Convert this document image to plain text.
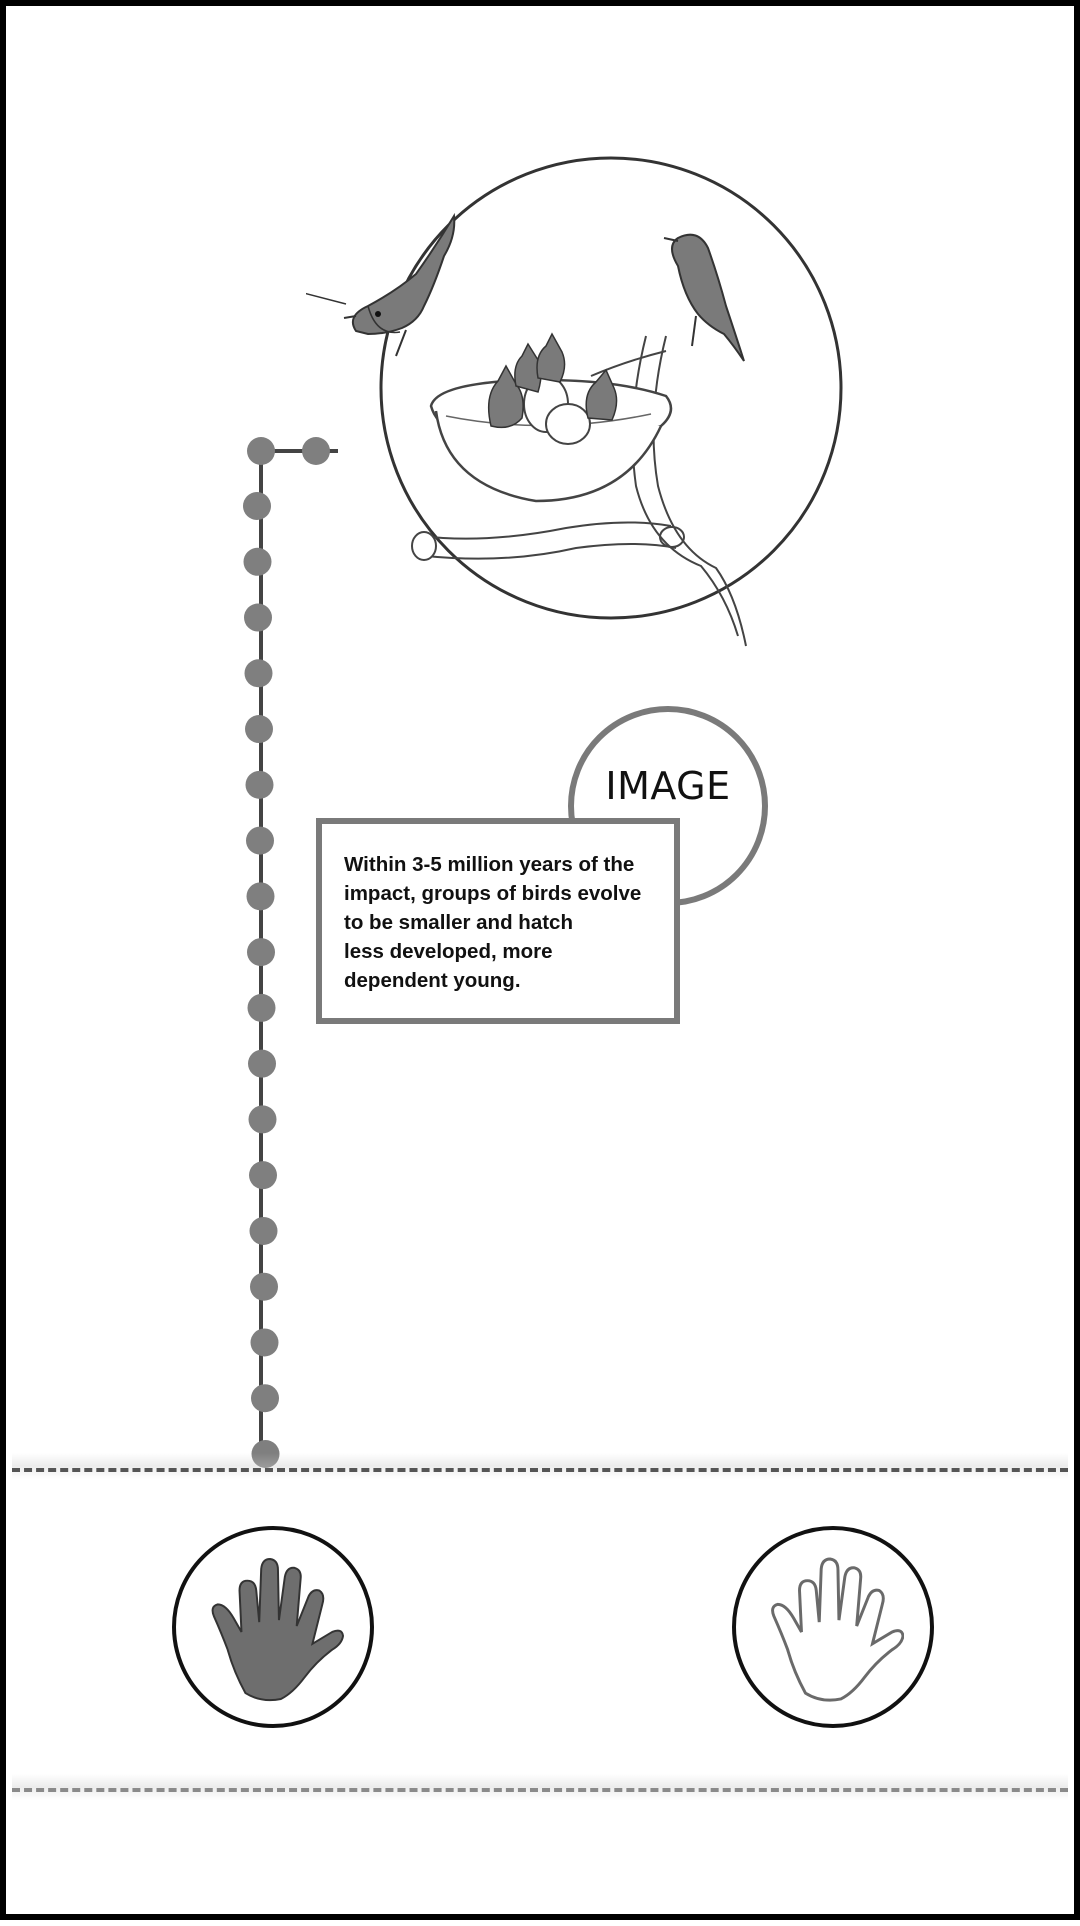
IMAGE

Within 3-5 million years of the
impact, groups of birds evolve
to be smaller and hatch
less developed, more
dependent young.
